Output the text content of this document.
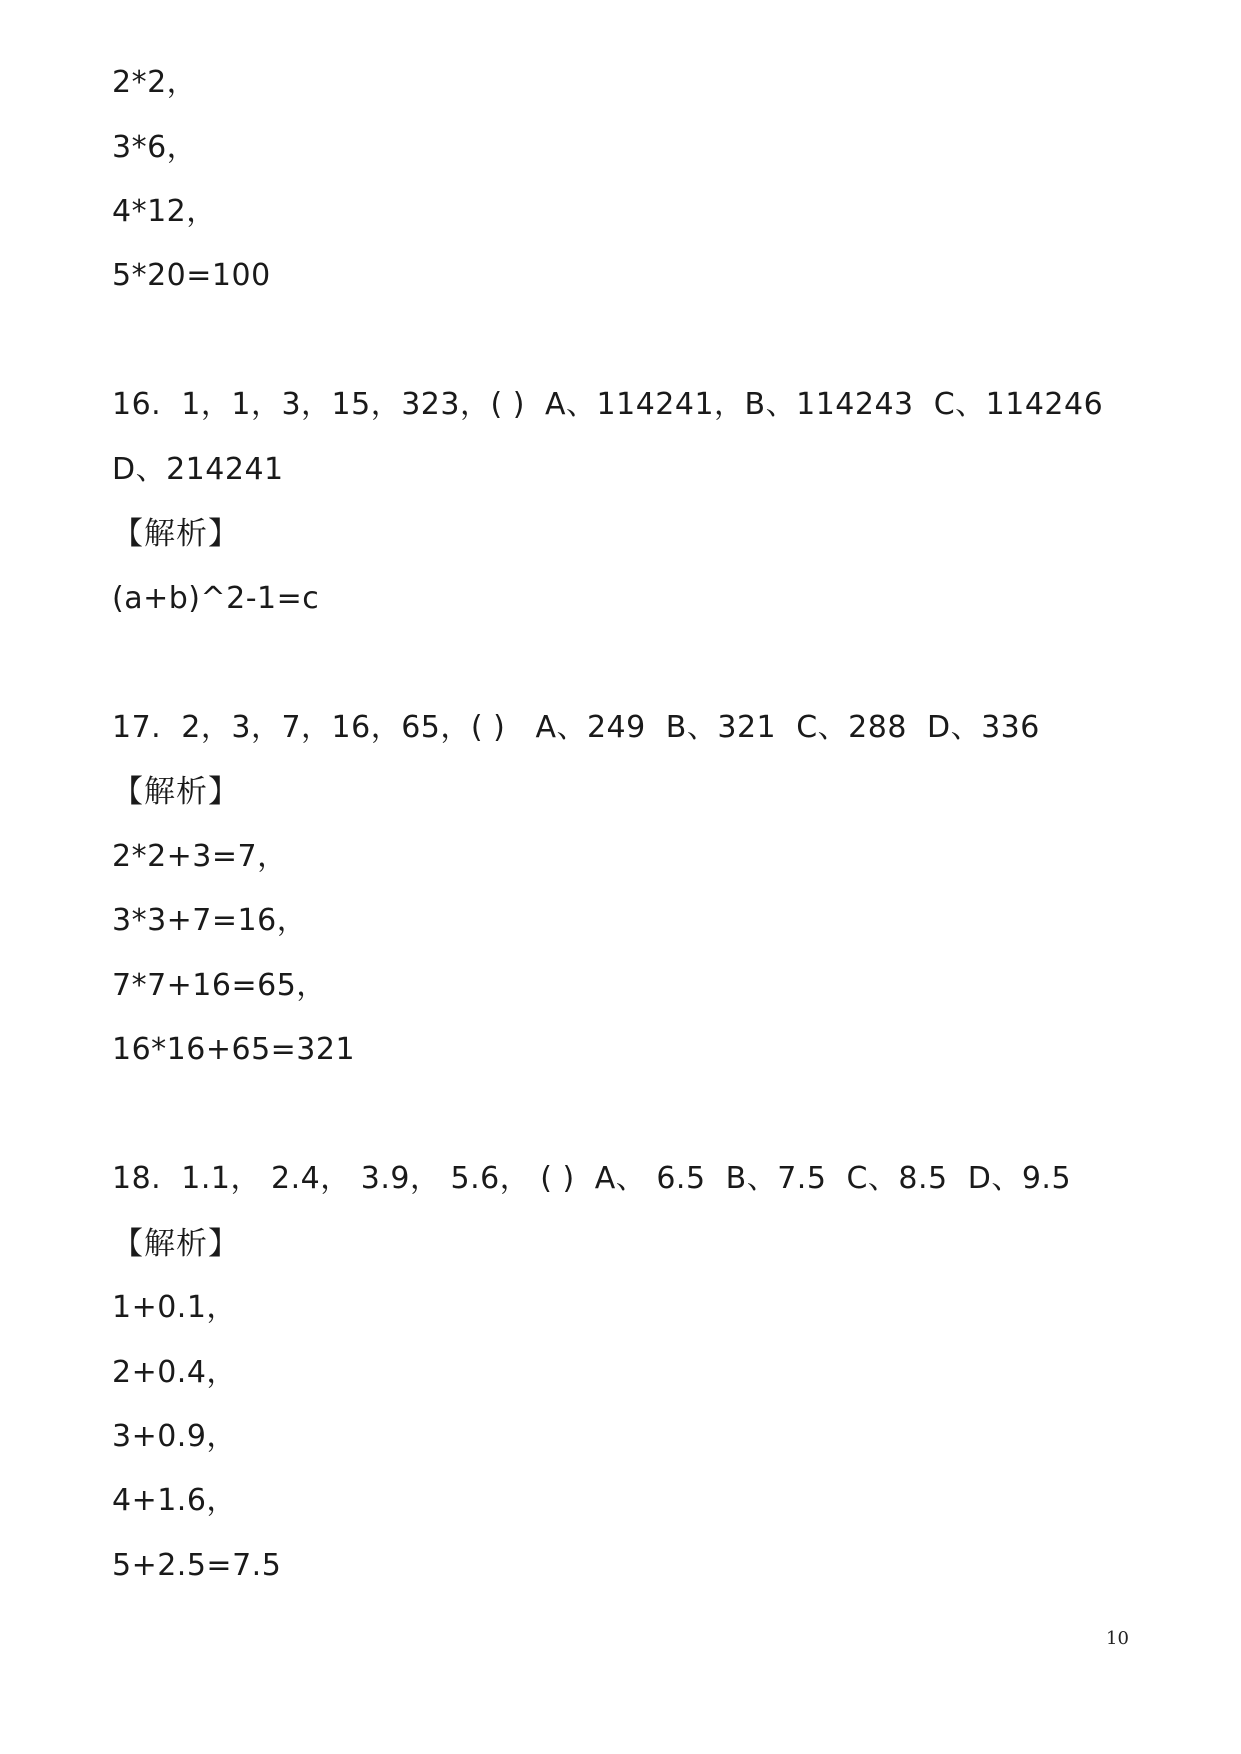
2*2，
3*6，
4*12，
5*20=100
16.  1，1，3，15，323，( )  A、114241，B、114243  C、114246
D、214241
【解析】
(a+b)^2-1=c
17.  2，3，7，16，65，( )   A、249  B、321  C、288  D、336
【解析】
2*2+3=7，
3*3+7=16，
7*7+16=65，
16*16+65=321
18.  1.1， 2.4， 3.9， 5.6， ( )  A、 6.5  B、7.5  C、8.5  D、9.5
【解析】
1+0.1，
2+0.4，
3+0.9，
4+1.6，
5+2.5=7.5
10
